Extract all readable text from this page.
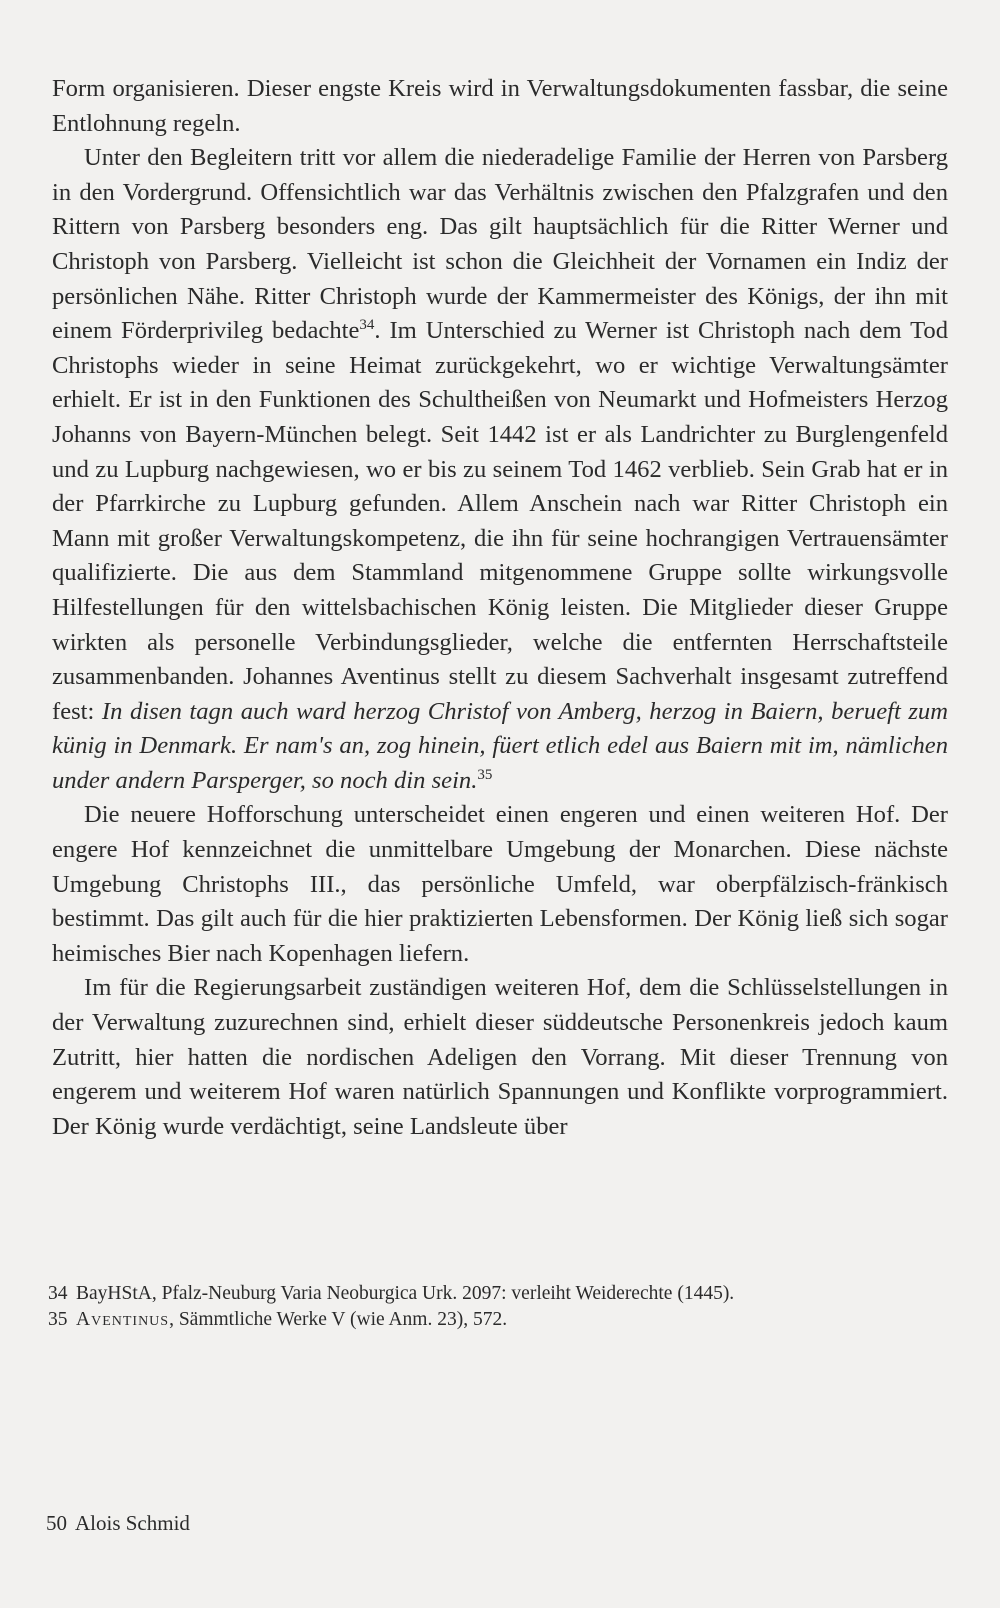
Form organisieren. Dieser engste Kreis wird in Verwaltungsdokumenten fassbar, die seine Entlohnung regeln.

Unter den Begleitern tritt vor allem die niederadelige Familie der Herren von Parsberg in den Vordergrund. Offensichtlich war das Verhältnis zwischen den Pfalzgrafen und den Rittern von Parsberg besonders eng. Das gilt hauptsächlich für die Ritter Werner und Christoph von Parsberg. Vielleicht ist schon die Gleichheit der Vornamen ein Indiz der persönlichen Nähe. Ritter Christoph wurde der Kammermeister des Königs, der ihn mit einem Förderprivileg bedachte$^{34}$. Im Unterschied zu Werner ist Christoph nach dem Tod Christophs wieder in seine Heimat zurückgekehrt, wo er wichtige Verwaltungsämter erhielt. Er ist in den Funktionen des Schultheißen von Neumarkt und Hofmeisters Herzog Johanns von Bayern-München belegt. Seit 1442 ist er als Landrichter zu Burglengenfeld und zu Lupburg nachgewiesen, wo er bis zu seinem Tod 1462 verblieb. Sein Grab hat er in der Pfarrkirche zu Lupburg gefunden. Allem Anschein nach war Ritter Christoph ein Mann mit großer Verwaltungskompetenz, die ihn für seine hochrangigen Vertrauensämter qualifizierte. Die aus dem Stammland mitgenommene Gruppe sollte wirkungsvolle Hilfestellungen für den wittelsbachischen König leisten. Die Mitglieder dieser Gruppe wirkten als personelle Verbindungsglieder, welche die entfernten Herrschaftsteile zusammenbanden. Johannes Aventinus stellt zu diesem Sachverhalt insgesamt zutreffend fest: In disen tagn auch ward herzog Christof von Amberg, herzog in Baiern, berueft zum künig in Denmark. Er nam's an, zog hinein, füert etlich edel aus Baiern mit im, nämlichen under andern Parsperger, so noch din sein.$^{35}$

Die neuere Hofforschung unterscheidet einen engeren und einen weiteren Hof. Der engere Hof kennzeichnet die unmittelbare Umgebung der Monarchen. Diese nächste Umgebung Christophs III., das persönliche Umfeld, war oberpfälzisch-fränkisch bestimmt. Das gilt auch für die hier praktizierten Lebensformen. Der König ließ sich sogar heimisches Bier nach Kopenhagen liefern.

Im für die Regierungsarbeit zuständigen weiteren Hof, dem die Schlüsselstellungen in der Verwaltung zuzurechnen sind, erhielt dieser süddeutsche Personenkreis jedoch kaum Zutritt, hier hatten die nordischen Adeligen den Vorrang. Mit dieser Trennung von engerem und weiterem Hof waren natürlich Spannungen und Konflikte vorprogrammiert. Der König wurde verdächtigt, seine Landsleute über

34 BayHStA, Pfalz-Neuburg Varia Neoburgica Urk. 2097: verleiht Weiderechte (1445).

35 Aventinus, Sämmtliche Werke V (wie Anm. 23), 572.

50 Alois Schmid
